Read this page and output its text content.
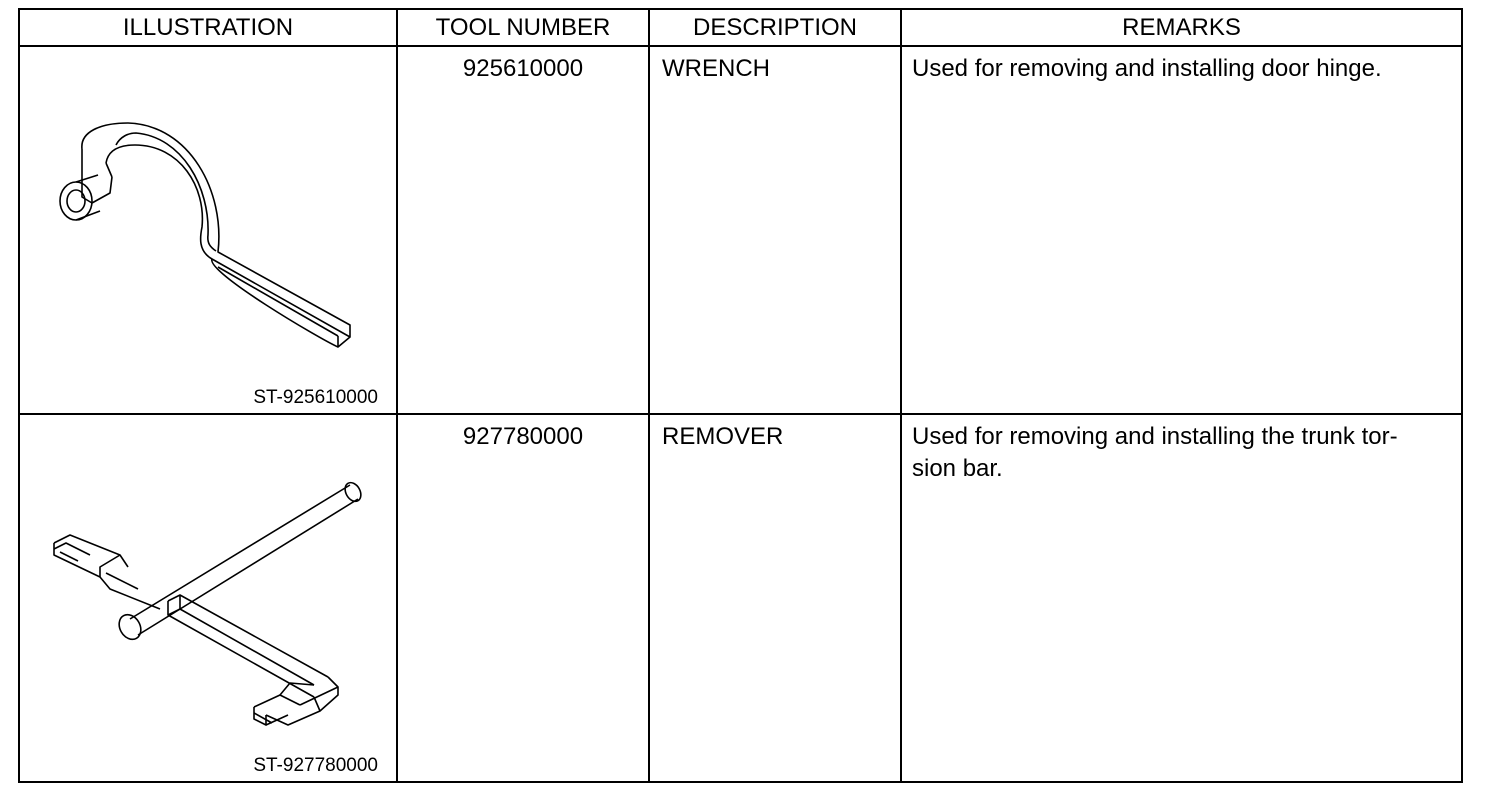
ILLUSTRATION	TOOL NUMBER	DESCRIPTION	REMARKS

ST-925610000	925610000	WRENCH	Used for removing and installing door hinge.

ST-927780000	927780000	REMOVER	Used for removing and installing the trunk tor-
sion bar.
